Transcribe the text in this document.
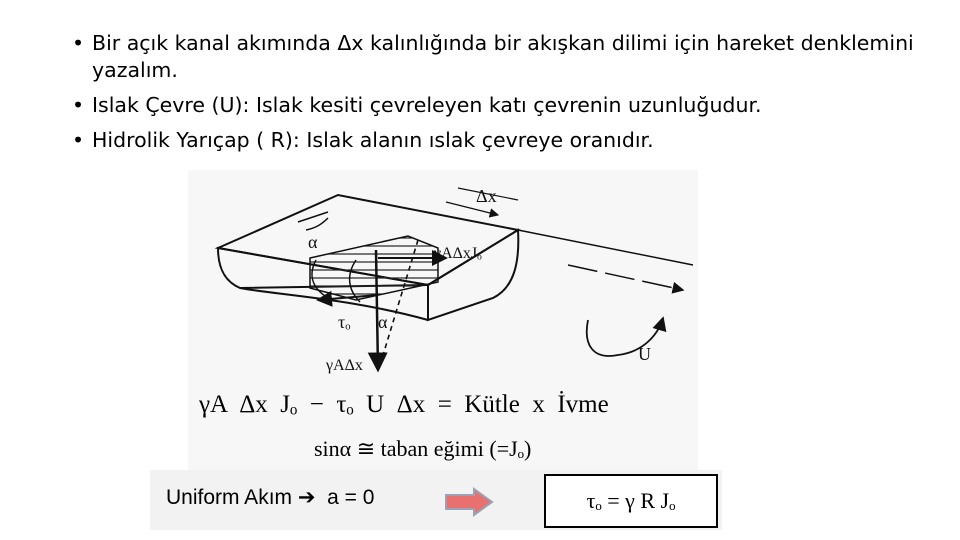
• Bir açık kanal akımında Δx kalınlığında bir akışkan dilimi için hareket denklemini yazalım.
• Islak Çevre (U): Islak kesiti çevreleyen katı çevrenin uzunluğudur.
• Hidrolik Yarıçap ( R): Islak alanın ıslak çevreye oranıdır.
Δx
α
γAΔxJₒ
τₒ α
γAΔx
U
γA  Δx  Jₒ  −  τₒ  U  Δx  =  Kütle  x  İvme
sinα ≅ taban eğimi (=Jₒ)
Uniform Akım ➔ a = 0	τₒ = γ R Jₒ
